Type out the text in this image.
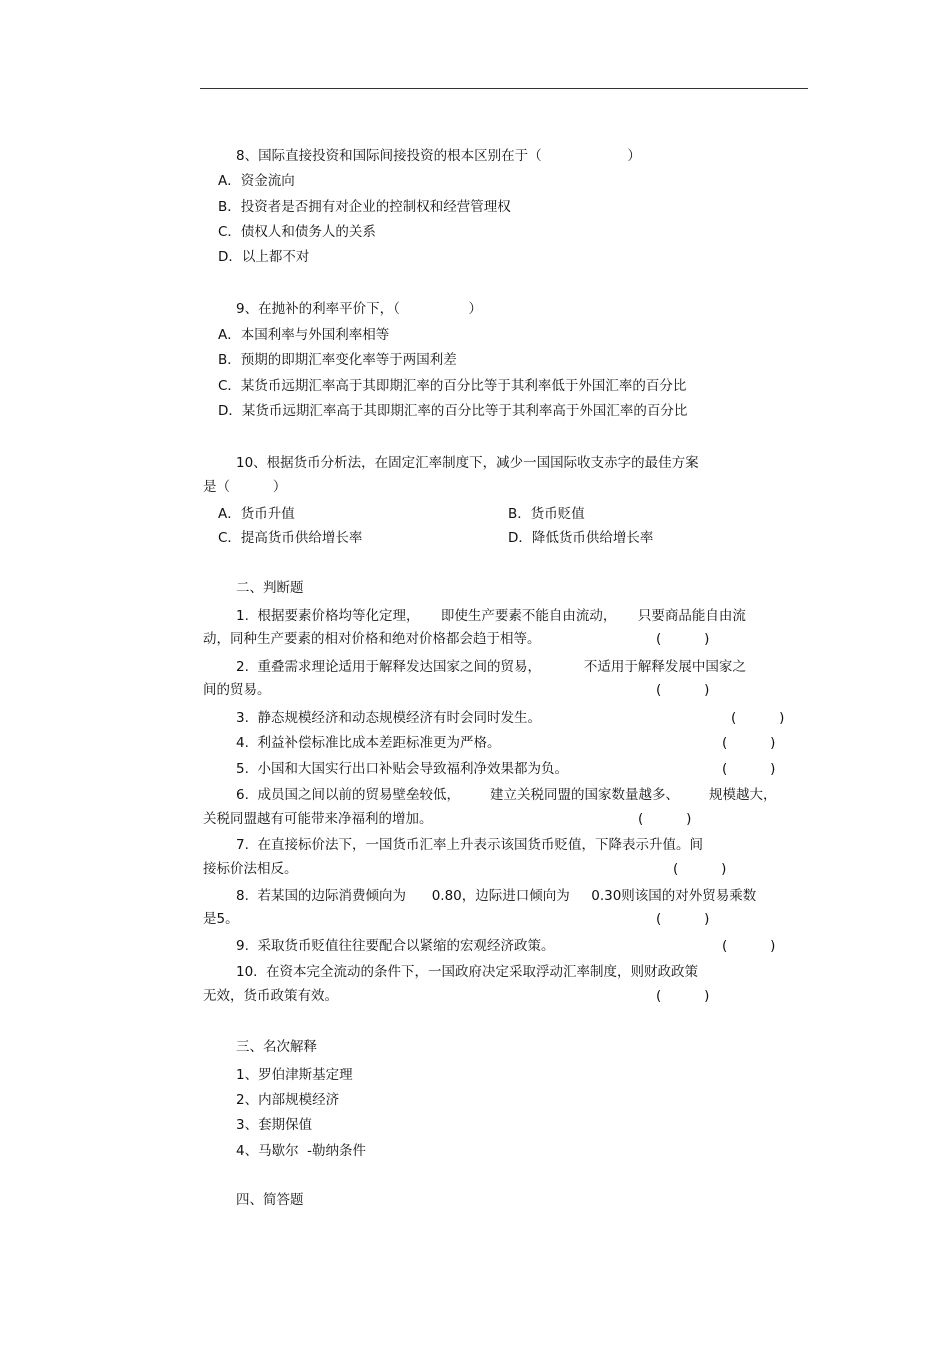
8、国际直接投资和国际间接投资的根本区别在于（                    ）
A．资金流向
B．投资者是否拥有对企业的控制权和经营管理权
C．债权人和债务人的关系
D．以上都不对
9、在抛补的利率平价下，（                ）
A．本国利率与外国利率相等
B．预期的即期汇率变化率等于两国利差
C．某货币远期汇率高于其即期汇率的百分比等于其利率低于外国汇率的百分比
D．某货币远期汇率高于其即期汇率的百分比等于其利率高于外国汇率的百分比
10、根据货币分析法，在固定汇率制度下，减少一国国际收支赤字的最佳方案
是（          ）
A．货币升值	B．货币贬值
C．提高货币供给增长率	D．降低货币供给增长率
二、判断题
1.  根据要素价格均等化定理，     即使生产要素不能自由流动，     只要商品能自由流
动，同种生产要素的相对价格和绝对价格都会趋于相等。	(          )
2.  重叠需求理论适用于解释发达国家之间的贸易，          不适用于解释发展中国家之
间的贸易。	(          )
3.  静态规模经济和动态规模经济有时会同时发生。	(          )
4.  利益补偿标准比成本差距标准更为严格。	(          )
5.  小国和大国实行出口补贴会导致福利净效果都为负。	(          )
6.  成员国之间以前的贸易壁垒较低，       建立关税同盟的国家数量越多、       规模越大，
关税同盟越有可能带来净福利的增加。	(          )
7.  在直接标价法下，一国货币汇率上升表示该国货币贬值，下降表示升值。间
接标价法相反。	(          )
8.  若某国的边际消费倾向为      0.80，边际进口倾向为     0.30则该国的对外贸易乘数
是5。	(          )
9.  采取货币贬值往往要配合以紧缩的宏观经济政策。	(          )
10.  在资本完全流动的条件下，一国政府决定采取浮动汇率制度，则财政政策
无效，货币政策有效。	(          )
三、名次解释
1、罗伯津斯基定理
2、内部规模经济
3、套期保值
4、马歇尔  -勒纳条件
四、简答题
